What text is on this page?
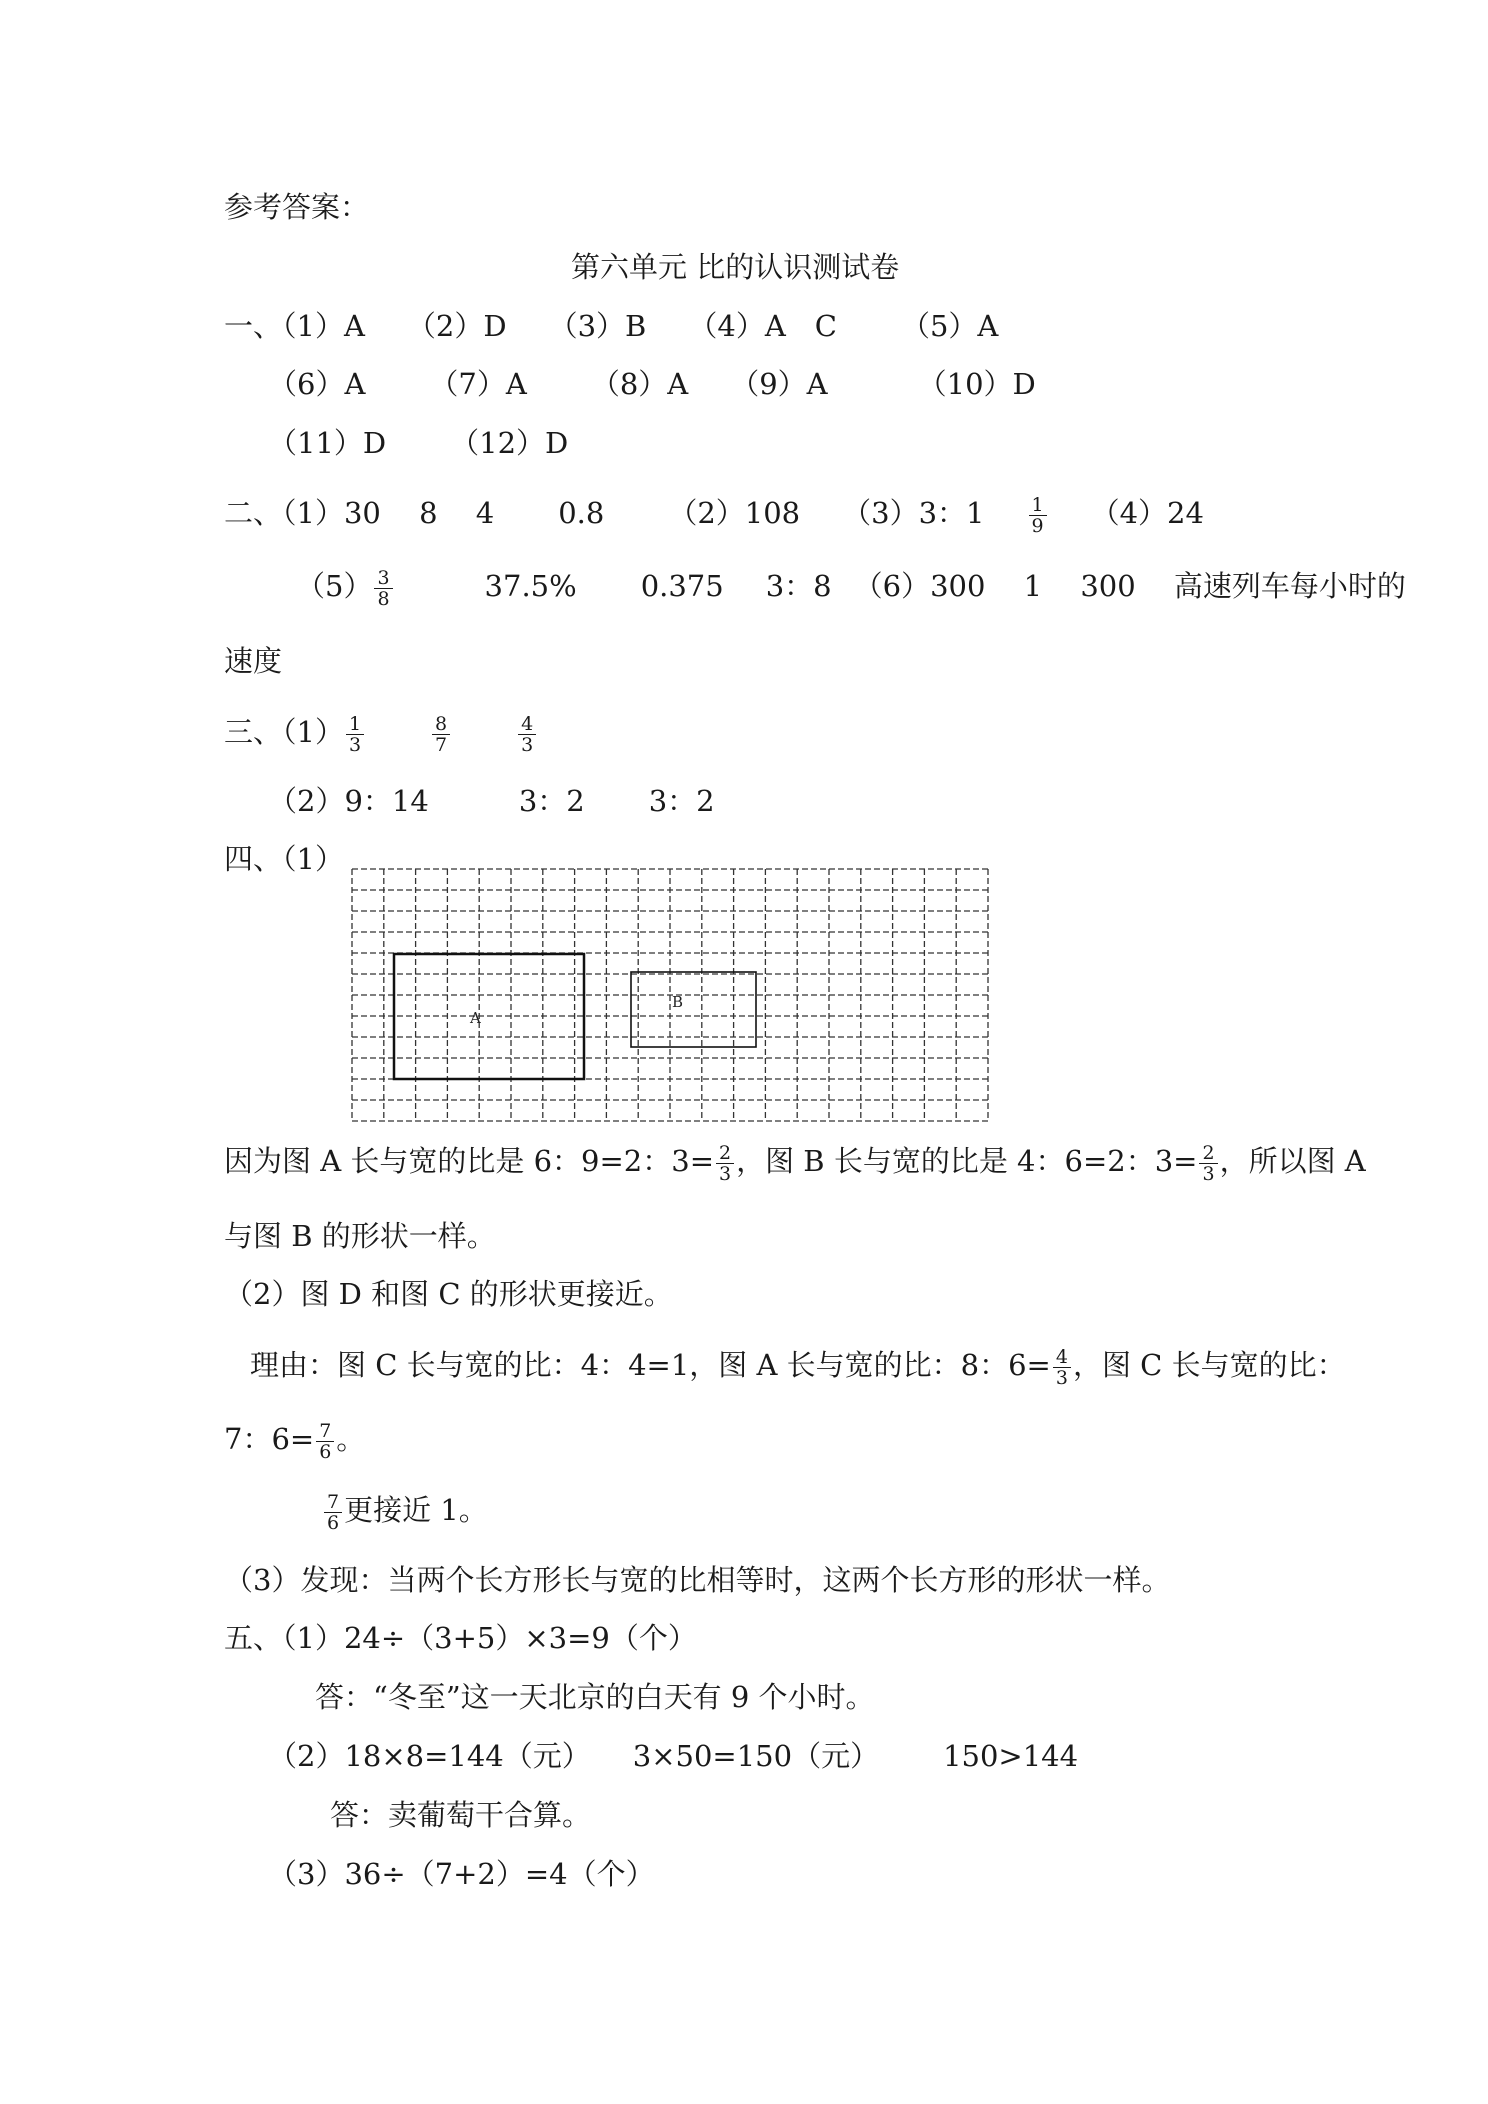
参考答案：
第六单元 比的认识测试卷
一、（1）A （2）D （3）B （4）A　C （5）A
（6）A （7）A （8）A （9）A	（10）D
（11）D （12）D
二、（1）30　 8　 4 0.8 （2）108 （3）3：$1 \frac{1}{9} (4)24$
$(5) \frac{3}{8}$	37.5% 0.375 3：8 （6）300　 1　 300　 高速列车每小时的
速度
三、$(1) \frac{1}{3}$	$\frac{8}{7}$	$\frac{4}{3}$
（2）9：14	3：2 3：2
四、（1）
A
B
因为图 A 长与宽的比是 6：9=2：$3= \frac{2}{3}$ ，图 B 长与宽的比是 4：6=2：$3= \frac{2}{3}$ ，所以图 A
与图 B 的形状一样。
（2）图 D 和图 C 的形状更接近。
理由：图 C 长与宽的比：4：4=1，图 A 长与宽的比：8：$6= \frac{4}{3}$ ，图 C 长与宽的比：
7：$6= \frac{7}{6}$ 。
$\frac{7}{6}$ 更接近 1。
（3）发现：当两个长方形长与宽的比相等时，这两个长方形的形状一样。
五、（1）24÷（3+5）×3=9（个）
答：“冬至”这一天北京的白天有 9 个小时。
（2）18×8=144（元） 3×50=150（元） 150>144
答：卖葡萄干合算。
（3）36÷（7+2）=4（个）
